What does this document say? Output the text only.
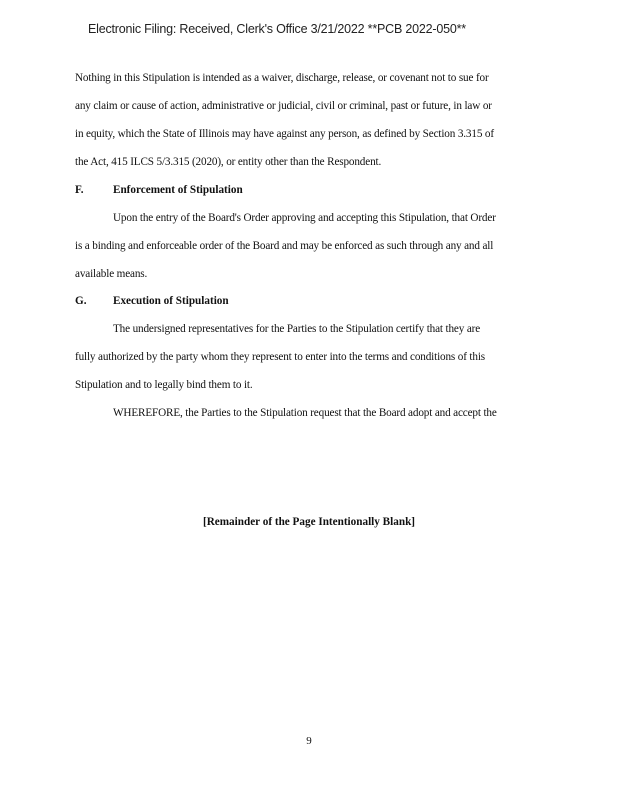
Electronic Filing: Received, Clerk's Office 3/21/2022 **PCB 2022-050**
Nothing in this Stipulation is intended as a waiver, discharge, release, or covenant not to sue for
any claim or cause of action, administrative or judicial, civil or criminal, past or future, in law or
in equity, which the State of Illinois may have against any person, as defined by Section 3.315 of
the Act, 415 ILCS 5/3.315 (2020), or entity other than the Respondent.
F.	Enforcement of Stipulation
Upon the entry of the Board's Order approving and accepting this Stipulation, that Order
is a binding and enforceable order of the Board and may be enforced as such through any and all
available means.
G. Execution of Stipulation
The undersigned representatives for the Parties to the Stipulation certify that they are
fully authorized by the party whom they represent to enter into the terms and conditions of this
Stipulation and to legally bind them to it.
WHEREFORE, the Parties to the Stipulation request that the Board adopt and accept the
[Remainder of the Page Intentionally Blank]
9
